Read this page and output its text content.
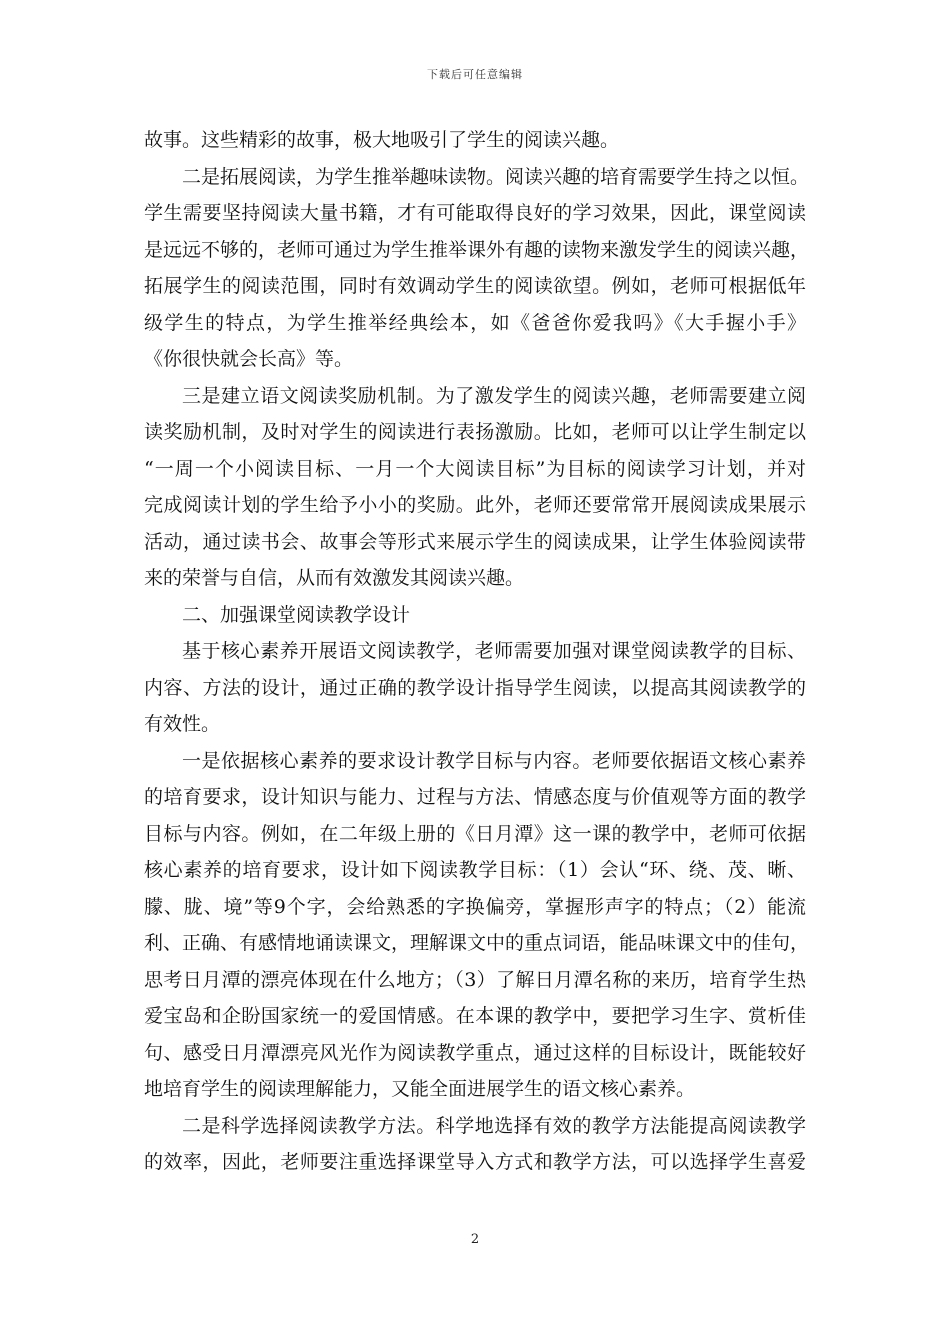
下载后可任意编辑
故事。这些精彩的故事，极大地吸引了学生的阅读兴趣。
二是拓展阅读，为学生推举趣味读物。阅读兴趣的培育需要学生持之以恒。
学生需要坚持阅读大量书籍，才有可能取得良好的学习效果，因此，课堂阅读
是远远不够的，老师可通过为学生推举课外有趣的读物来激发学生的阅读兴趣，
拓展学生的阅读范围，同时有效调动学生的阅读欲望。例如，老师可根据低年
级学生的特点，为学生推举经典绘本，如《爸爸你爱我吗》《大手握小手》
《你很快就会长高》等。
三是建立语文阅读奖励机制。为了激发学生的阅读兴趣，老师需要建立阅
读奖励机制，及时对学生的阅读进行表扬激励。比如，老师可以让学生制定以
“一周一个小阅读目标、一月一个大阅读目标”为目标的阅读学习计划，并对
完成阅读计划的学生给予小小的奖励。此外，老师还要常常开展阅读成果展示
活动，通过读书会、故事会等形式来展示学生的阅读成果，让学生体验阅读带
来的荣誉与自信，从而有效激发其阅读兴趣。
二、加强课堂阅读教学设计
基于核心素养开展语文阅读教学，老师需要加强对课堂阅读教学的目标、
内容、方法的设计，通过正确的教学设计指导学生阅读，以提高其阅读教学的
有效性。
一是依据核心素养的要求设计教学目标与内容。老师要依据语文核心素养
的培育要求，设计知识与能力、过程与方法、情感态度与价值观等方面的教学
目标与内容。例如，在二年级上册的《日月潭》这一课的教学中，老师可依据
核心素养的培育要求，设计如下阅读教学目标：（1）会认“环、绕、茂、晰、
朦、胧、境”等9个字，会给熟悉的字换偏旁，掌握形声字的特点；（2）能流
利、正确、有感情地诵读课文，理解课文中的重点词语，能品味课文中的佳句，
思考日月潭的漂亮体现在什么地方；（3）了解日月潭名称的来历，培育学生热
爱宝岛和企盼国家统一的爱国情感。在本课的教学中，要把学习生字、赏析佳
句、感受日月潭漂亮风光作为阅读教学重点，通过这样的目标设计，既能较好
地培育学生的阅读理解能力，又能全面进展学生的语文核心素养。
二是科学选择阅读教学方法。科学地选择有效的教学方法能提高阅读教学
的效率，因此，老师要注重选择课堂导入方式和教学方法，可以选择学生喜爱
2
